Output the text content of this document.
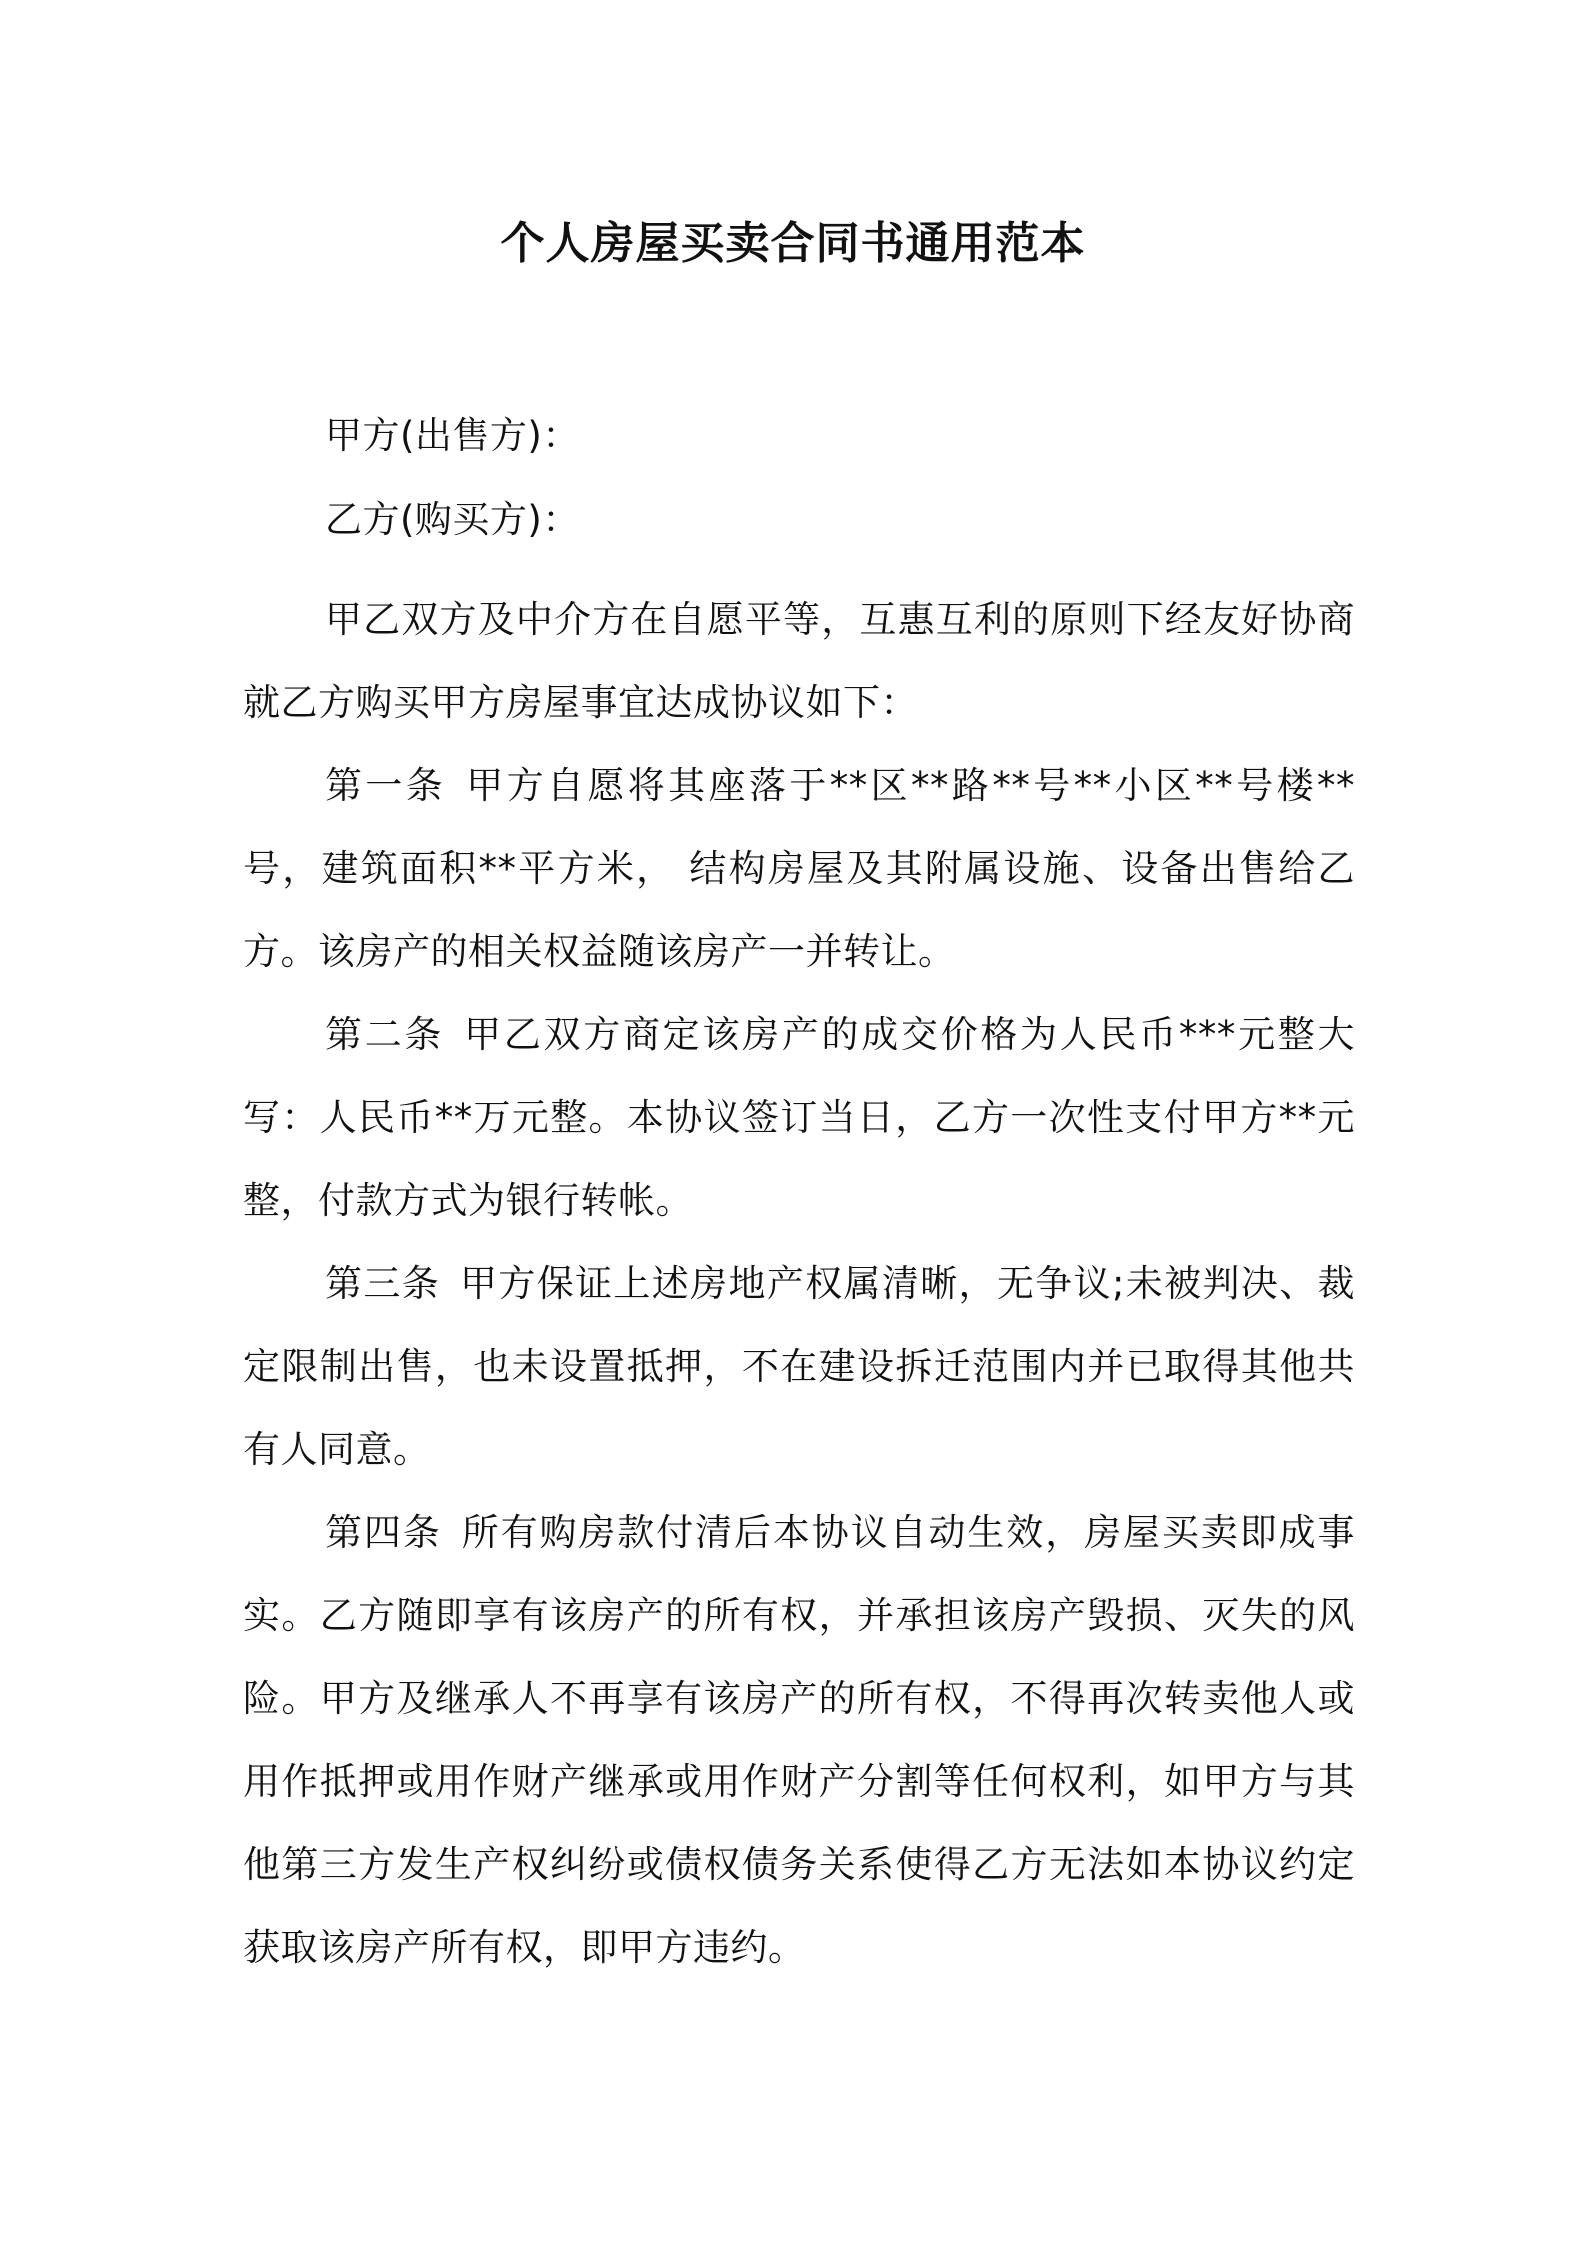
个人房屋买卖合同书通用范本
甲方(出售方)：
乙方(购买方)：

甲乙双方及中介方在自愿平等，互惠互利的原则下经友好协商就乙方购买甲方房屋事宜达成协议如下：

第一条 甲方自愿将其座落于**区**路**号**小区**号楼**号，建筑面积**平方米， 结构房屋及其附属设施、设备出售给乙方。该房产的相关权益随该房产一并转让。

第二条 甲乙双方商定该房产的成交价格为人民币***元整大写：人民币**万元整。本协议签订当日，乙方一次性支付甲方**元整，付款方式为银行转帐。

第三条 甲方保证上述房地产权属清晰，无争议;未被判决、裁定限制出售，也未设置抵押，不在建设拆迁范围内并已取得其他共有人同意。

第四条 所有购房款付清后本协议自动生效，房屋买卖即成事实。乙方随即享有该房产的所有权，并承担该房产毁损、灭失的风险。甲方及继承人不再享有该房产的所有权，不得再次转卖他人或用作抵押或用作财产继承或用作财产分割等任何权利，如甲方与其他第三方发生产权纠纷或债权债务关系使得乙方无法如本协议约定获取该房产所有权，即甲方违约。
